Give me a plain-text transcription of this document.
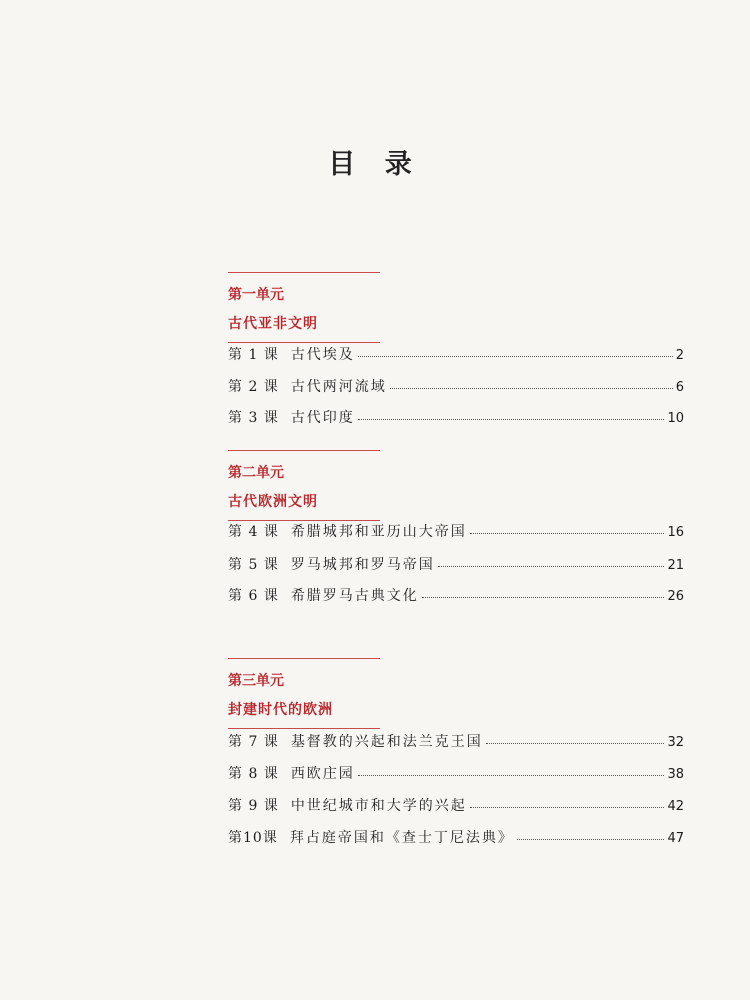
目 录
第一单元
古代亚非文明
第 1 课 古代埃及	2
第 2 课 古代两河流域	6
第 3 课 古代印度	10
第二单元
古代欧洲文明
第 4 课 希腊城邦和亚历山大帝国	16
第 5 课 罗马城邦和罗马帝国	21
第 6 课 希腊罗马古典文化	26
第三单元
封建时代的欧洲
第 7 课 基督教的兴起和法兰克王国	32
第 8 课 西欧庄园	38
第 9 课 中世纪城市和大学的兴起	42
第10课 拜占庭帝国和《查士丁尼法典》	47
